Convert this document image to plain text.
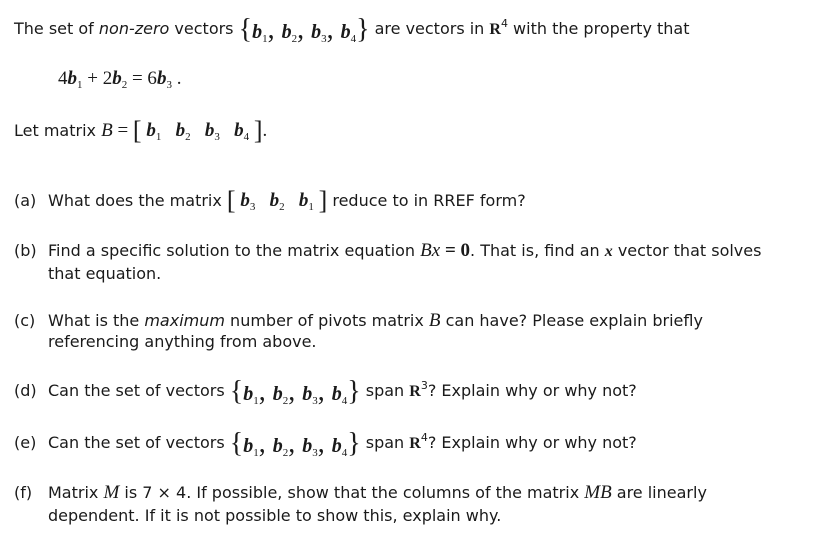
The set of non-zero vectors {$b_1$, $b_2$, $b_3$, $b_4$} are vectors in $R^4$ with the property that
$4b_1 + 2b_2 = 6b_3$ .
Let matrix B = [ $b_1$ $b_2$ $b_3$ $b_4$ ].
(a) What does the matrix [ $b_3$ $b_2$ $b_1$ ] reduce to in RREF form?
(b) Find a specific solution to the matrix equation Bx = 0. That is, find an x vector that solves
that equation.
(c) What is the maximum number of pivots matrix B can have? Please explain briefly
referencing anything from above.
(d) Can the set of vectors {$b_1$, $b_2$, $b_3$, $b_4$} span $R^3$? Explain why or why not?
(e) Can the set of vectors {$b_1$, $b_2$, $b_3$, $b_4$} span $R^4$? Explain why or why not?
(f) Matrix M is 7 × 4. If possible, show that the columns of the matrix MB are linearly
dependent. If it is not possible to show this, explain why.
